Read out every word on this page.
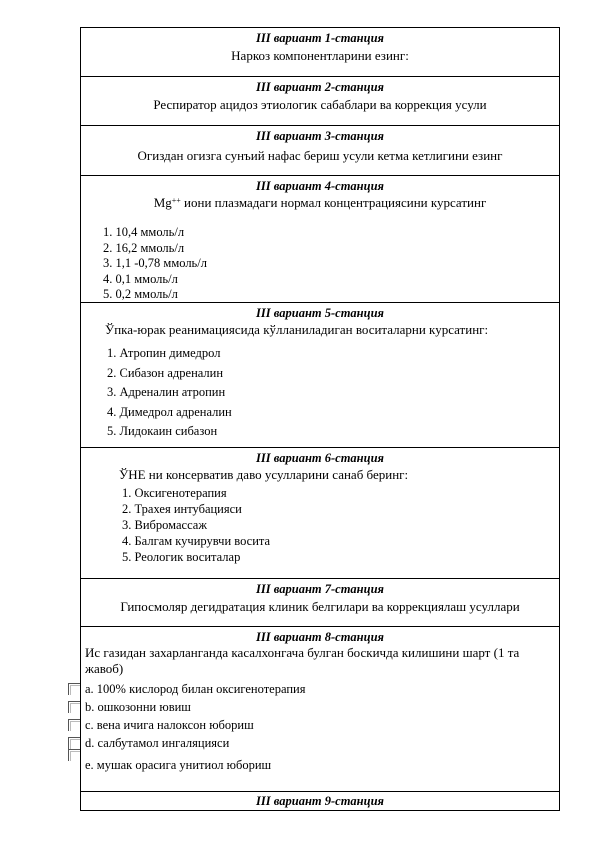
III вариант 1-станция
Наркоз компонентларини езинг:
III вариант 2-станция
Респиратор ацидоз этиологик сабаблари ва коррекция усули
III вариант 3-станция
Огиздан огизга сунъий нафас бериш усули кетма кетлигини езинг
III вариант 4-станция
Mg++ иони плазмадаги нормал концентрациясини курсатинг
1. 10,4 ммоль/л
2. 16,2 ммоль/л
3. 1,1 -0,78 ммоль/л
4. 0,1 ммоль/л
5. 0,2 ммоль/л
III вариант 5-станция
Ўпка-юрак реанимациясида кўлланиладиган воситаларни курсатинг:
1. Атропин димедрол
2. Сибазон адреналин
3. Адреналин атропин
4. Димедрол адреналин
5. Лидокаин сибазон
III вариант 6-станция
ЎНЕ ни консерватив даво усулларини санаб беринг:
1. Оксигенотерапия
2. Трахея интубацияси
3. Вибромассаж
4. Балгам кучирувчи восита
5. Реологик воситалар
III вариант 7-станция
Гипосмоляр дегидратация клиник белгилари ва коррекциялаш усуллари
III вариант 8-станция
Ис газидан захарланганда касалхонгача булган боскичда килишини шарт (1 та жавоб)
a. 100% кислород билан оксигенотерапия
b. ошкозонни ювиш
c. вена ичига налоксон юбориш
d. салбутамол ингаляцияси
e. мушак орасига унитиол юбориш
III вариант 9-станция
